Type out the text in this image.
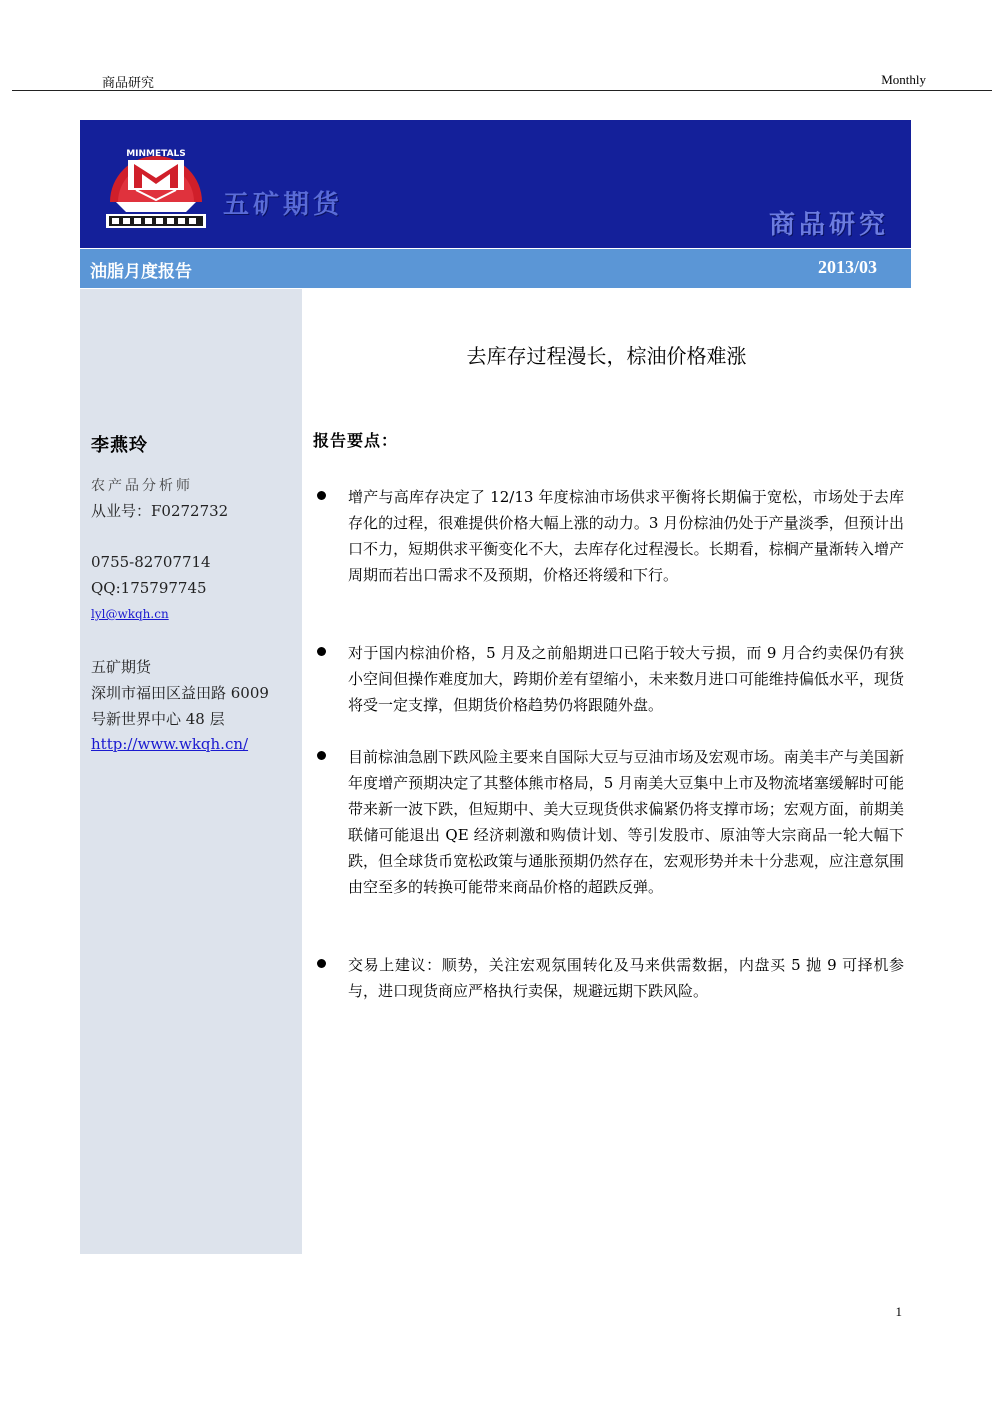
商品研究	Monthly
MINMETALS
五矿期货
商品研究
油脂月度报告	2013/03
李燕玲
农产品分析师
从业号：F0272732
0755-82707714
QQ:175797745
lyl@wkqh.cn
五矿期货
深圳市福田区益田路 6009
号新世界中心 48 层
http://www.wkqh.cn/
去库存过程漫长，棕油价格难涨
报告要点：
增产与高库存决定了 12/13 年度棕油市场供求平衡将长期偏于宽松，市场处于去库存化的过程，很难提供价格大幅上涨的动力。3 月份棕油仍处于产量淡季，但预计出口不力，短期供求平衡变化不大，去库存化过程漫长。长期看，棕榈产量渐转入增产周期而若出口需求不及预期，价格还将缓和下行。
对于国内棕油价格，5 月及之前船期进口已陷于较大亏损，而 9 月合约卖保仍有狭小空间但操作难度加大，跨期价差有望缩小，未来数月进口可能维持偏低水平，现货将受一定支撑，但期货价格趋势仍将跟随外盘。
目前棕油急剧下跌风险主要来自国际大豆与豆油市场及宏观市场。南美丰产与美国新年度增产预期决定了其整体熊市格局，5 月南美大豆集中上市及物流堵塞缓解时可能带来新一波下跌，但短期中、美大豆现货供求偏紧仍将支撑市场；宏观方面，前期美联储可能退出 QE 经济刺激和购债计划、等引发股市、原油等大宗商品一轮大幅下跌，但全球货币宽松政策与通胀预期仍然存在，宏观形势并未十分悲观，应注意氛围由空至多的转换可能带来商品价格的超跌反弹。
交易上建议：顺势，关注宏观氛围转化及马来供需数据，内盘买 5 抛 9 可择机参与，进口现货商应严格执行卖保，规避远期下跌风险。
1
